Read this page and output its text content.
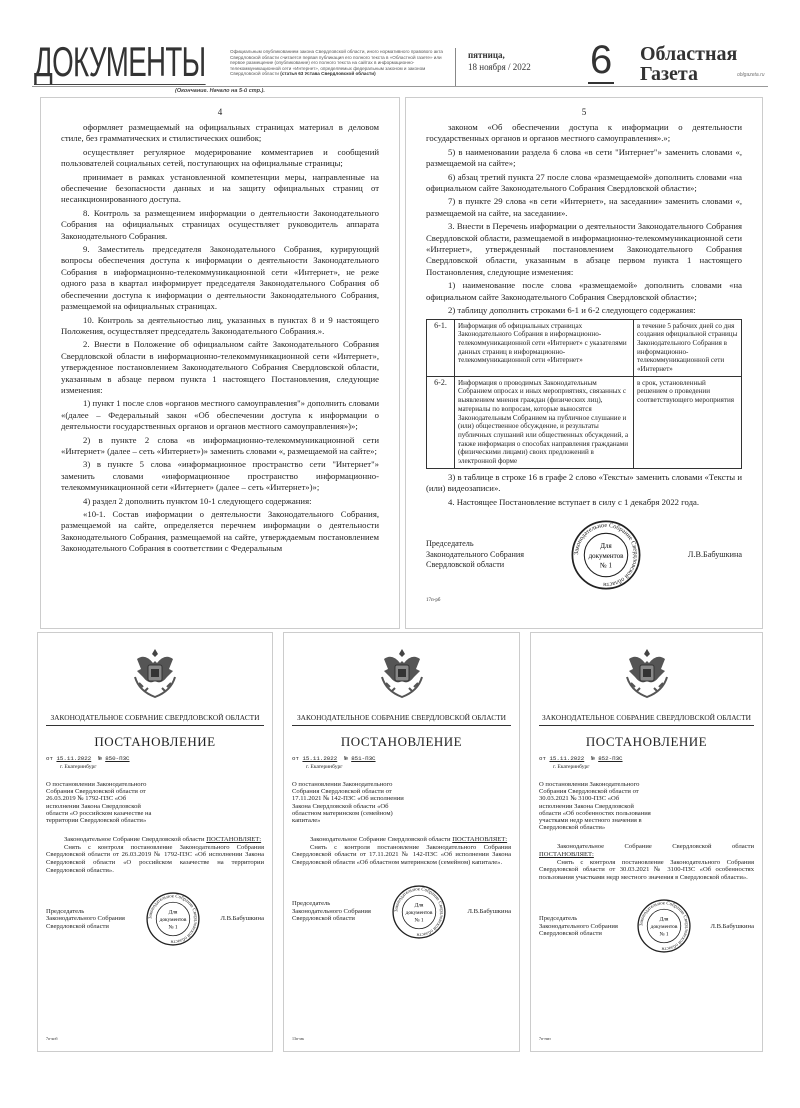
ДОКУМЕНТЫ	Официальным опубликованием закона Свердловской области, иного нормативного правового акта Свердловской области считается первая публикация его полного текста в «Областной газете» или первое размещение (опубликование) его полного текста на сайтах в информационно-телекоммуникационной сети «Интернет», определяемых федеральным законом и законом Свердловской области (статья 63 Устава Свердловской области)
пятница,
18 ноября / 2022 6 Областная
Газета	oblgazeta.ru
(Окончание. Начало на 5-й стр.).
4

оформляет размещаемый на официальных страницах материал в деловом стиле, без грамматических и стилистических ошибок;

осуществляет регулярное модерирование комментариев и сообщений пользователей социальных сетей, поступающих на официальные страницы;

принимает в рамках установленной компетенции меры, направленные на обеспечение безопасности данных и на защиту официальных страниц от несанкционированного доступа.

8. Контроль за размещением информации о деятельности Законодательного Собрания на официальных страницах осуществляет руководитель аппарата Законодательного Собрания.

9. Заместитель председателя Законодательного Собрания, курирующий вопросы обеспечения доступа к информации о деятельности Законодательного Собрания в информационно-телекоммуникационной сети «Интернет», не реже одного раза в квартал информирует председателя Законодательного Собрания об обеспечении доступа к информации о деятельности Законодательного Собрания, размещаемой на официальных страницах.

10. Контроль за деятельностью лиц, указанных в пунктах 8 и 9 настоящего Положения, осуществляет председатель Законодательного Собрания.».

2. Внести в Положение об официальном сайте Законодательного Собрания Свердловской области в информационно-телекоммуникационной сети «Интернет», утвержденное постановлением Законодательного Собрания Свердловской области, указанным в абзаце первом пункта 1 настоящего Постановления, следующие изменения:

1) пункт 1 после слов «органов местного самоуправления"» дополнить словами «(далее – Федеральный закон «Об обеспечении доступа к информации о деятельности государственных органов и органов местного самоуправления»)»;

2) в пункте 2 слова «в информационно-телекоммуникационной сети «Интернет» (далее – сеть «Интернет»)» заменить словами «, размещаемой на сайте»;

3) в пункте 5 слова «информационное пространство сети "Интернет"» заменить словами «информационное пространство информационно-телекоммуникационной сети «Интернет» (далее – сеть «Интернет»)»;

4) раздел 2 дополнить пунктом 10-1 следующего содержания:

«10-1. Состав информации о деятельности Законодательного Собрания, размещаемой на сайте, определяется перечнем информации о деятельности Законодательного Собрания, размещаемой на сайте, утверждаемым постановлением Законодательного Собрания в соответствии с Федеральным

5

законом «Об обеспечении доступа к информации о деятельности государственных органов и органов местного самоуправления».»;

5) в наименовании раздела 6 слова «в сети "Интернет"» заменить словами «, размещаемой на сайте»;

6) абзац третий пункта 27 после слова «размещаемой» дополнить словами «на официальном сайте Законодательного Собрания Свердловской области»;

7) в пункте 29 слова «в сети «Интернет», на заседании» заменить словами «, размещаемой на сайте, на заседании».

3. Внести в Перечень информации о деятельности Законодательного Собрания Свердловской области, размещаемой в информационно-телекоммуникационной сети «Интернет», утвержденный постановлением Законодательного Собрания Свердловской области, указанным в абзаце первом пункта 1 настоящего Постановления, следующие изменения:

1) наименование после слова «размещаемой» дополнить словами «на официальном сайте Законодательного Собрания Свердловской области»;

2) таблицу дополнить строками 6-1 и 6-2 следующего содержания:

6-1.	Информация об официальных страницах Законодательного Собрания в информационно-телекоммуникационной сети «Интернет» с указателями данных страниц в информационно-телекоммуникационной сети «Интернет»	в течение 5 рабочих дней со дня создания официальной страницы Законодательного Собрания в информационно-телекоммуникационной сети «Интернет»
6-2.	Информация о проводимых Законодательным Собранием опросах и иных мероприятиях, связанных с выявлением мнения граждан (физических лиц), материалы по вопросам, которые выносятся Законодательным Собранием на публичное слушание и (или) общественное обсуждение, и результаты публичных слушаний или общественных обсуждений, а также информация о способах направления гражданами (физическими лицами) своих предложений в электронной форме	в срок, установленный решением о проведении соответствующего мероприятия

3) в таблице в строке 16 в графе 2 слово «Тексты» заменить словами «Тексты и (или) видеозаписи».

4. Настоящее Постановление вступает в силу с 1 декабря 2022 года.

Председатель
Законодательного Собрания
Свердловской области
Законодательное Собрание Свердловской области
Для
документов
№ 1
Л.В.Бабушкина
17п-рб
ЗАКОНОДАТЕЛЬНОЕ СОБРАНИЕ СВЕРДЛОВСКОЙ ОБЛАСТИ
ПОСТАНОВЛЕНИЕ
от 15.11.2022 № 850-ПЗС
г. Екатеринбург
О постановлении Законодательного Собрания Свердловской области от 26.03.2019 № 1792-ПЗС «Об исполнении Закона Свердловской области «О российском казачестве на территории Свердловской области»

Законодательное Собрание Свердловской области ПОСТАНОВЛЯЕТ:

Снять с контроля постановление Законодательного Собрания Свердловской области от 26.03.2019 № 1792-ПЗС «Об исполнении Закона Свердловской области «О российском казачестве на территории Свердловской области».

Председатель
Законодательного Собрания
Свердловской области
Законодательное Собрание Свердловской области
Для
документов
№ 1
Л.В.Бабушкина
7п-кпб
ЗАКОНОДАТЕЛЬНОЕ СОБРАНИЕ СВЕРДЛОВСКОЙ ОБЛАСТИ
ПОСТАНОВЛЕНИЕ
от 15.11.2022 № 851-ПЗС
г. Екатеринбург
О постановлении Законодательного Собрания Свердловской области от 17.11.2021 № 142-ПЗС «Об исполнении Закона Свердловской области «Об областном материнском (семейном) капитале»

Законодательное Собрание Свердловской области ПОСТАНОВЛЯЕТ:

Снять с контроля постановление Законодательного Собрания Свердловской области от 17.11.2021 № 142-ПЗС «Об исполнении Закона Свердловской области «Об областном материнском (семейном) капитале».

Председатель
Законодательного Собрания
Свердловской области
Законодательное Собрание Свердловской области
Для
документов
№ 1
Л.В.Бабушкина
13п-мк
ЗАКОНОДАТЕЛЬНОЕ СОБРАНИЕ СВЕРДЛОВСКОЙ ОБЛАСТИ
ПОСТАНОВЛЕНИЕ
от 15.11.2022 № 852-ПЗС
г. Екатеринбург
О постановлении Законодательного Собрания Свердловской области от 30.03.2021 № 3100-ПЗС «Об исполнении Закона Свердловской области «Об особенностях пользования участками недр местного значения в Свердловской области»

Законодательное Собрание Свердловской области ПОСТАНОВЛЯЕТ:

Снять с контроля постановление Законодательного Собрания Свердловской области от 30.03.2021 № 3100-ПЗС «Об особенностях пользования участками недр местного значения в Свердловской области».

Председатель
Законодательного Собрания
Свердловской области
Законодательное Собрание Свердловской области
Для
документов
№ 1
Л.В.Бабушкина
7п-нмз
